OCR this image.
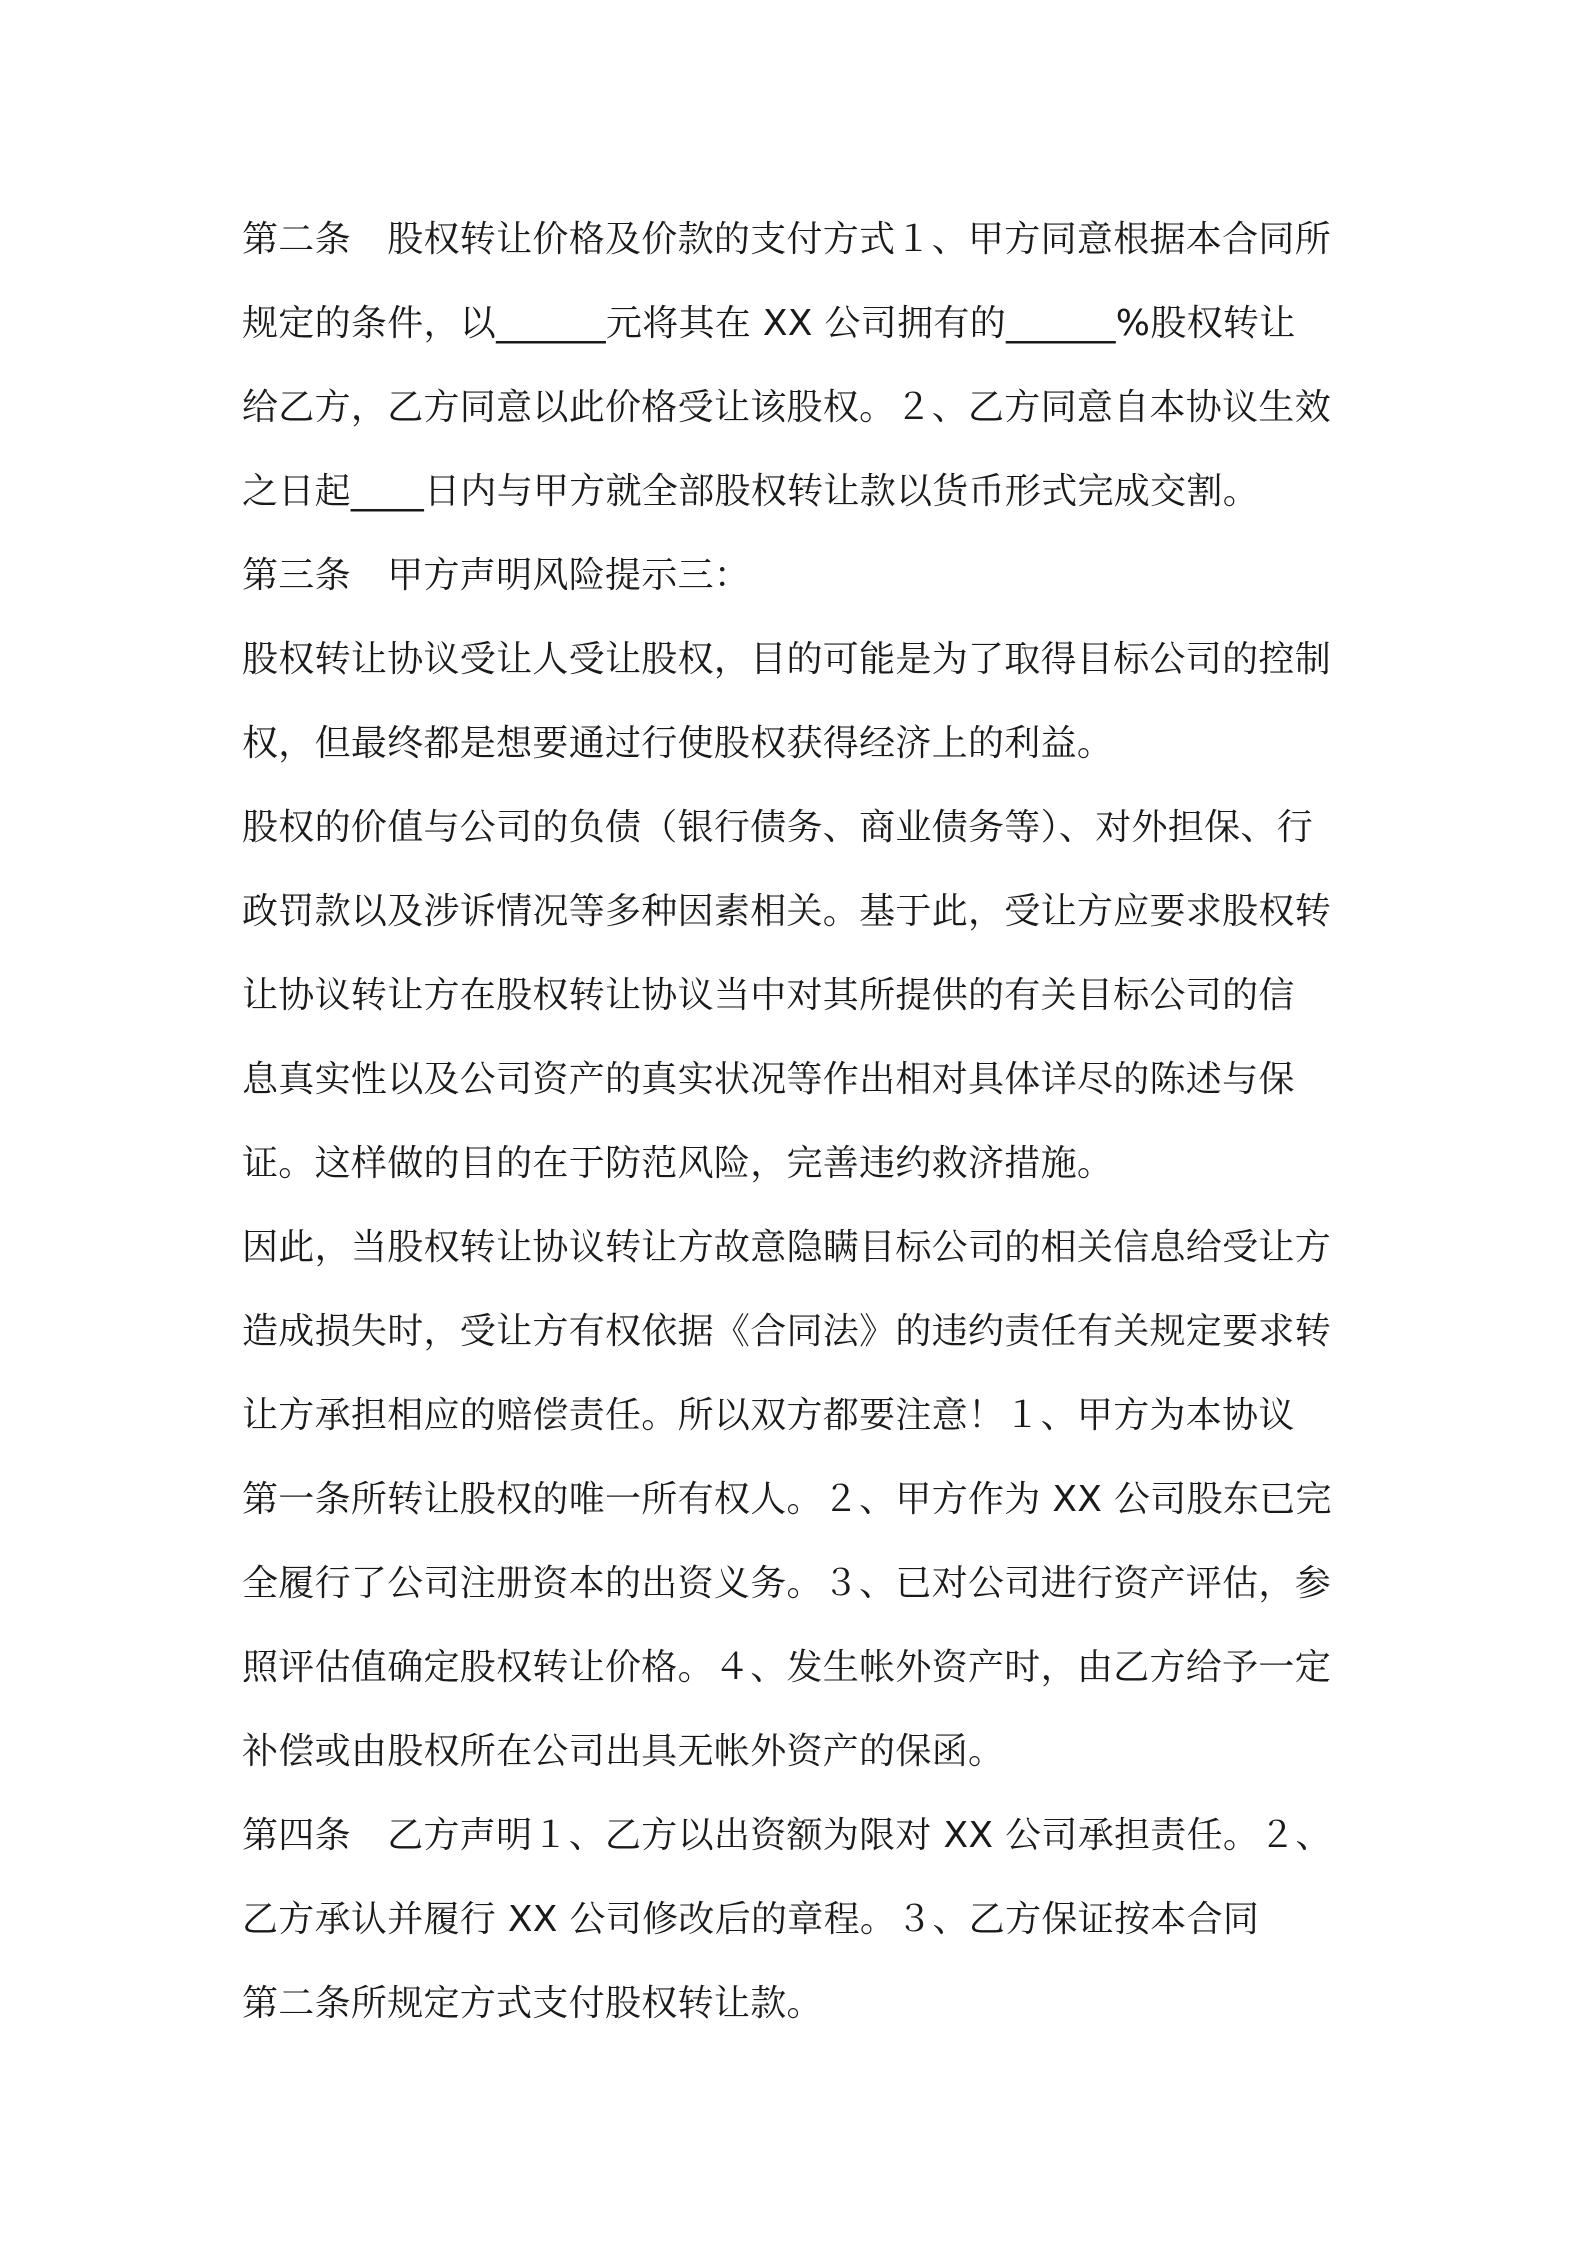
第二条　股权转让价格及价款的支付方式１、甲方同意根据本合同所
规定的条件，以______元将其在 XX 公司拥有的______%股权转让
给乙方，乙方同意以此价格受让该股权。２、乙方同意自本协议生效
之日起____日内与甲方就全部股权转让款以货币形式完成交割。
第三条　甲方声明风险提示三：
股权转让协议受让人受让股权，目的可能是为了取得目标公司的控制
权，但最终都是想要通过行使股权获得经济上的利益。
股权的价值与公司的负债（银行债务、商业债务等）、对外担保、行
政罚款以及涉诉情况等多种因素相关。基于此，受让方应要求股权转
让协议转让方在股权转让协议当中对其所提供的有关目标公司的信
息真实性以及公司资产的真实状况等作出相对具体详尽的陈述与保
证。这样做的目的在于防范风险，完善违约救济措施。
因此，当股权转让协议转让方故意隐瞒目标公司的相关信息给受让方
造成损失时，受让方有权依据《合同法》的违约责任有关规定要求转
让方承担相应的赔偿责任。所以双方都要注意！１、甲方为本协议
第一条所转让股权的唯一所有权人。２、甲方作为 XX 公司股东已完
全履行了公司注册资本的出资义务。３、已对公司进行资产评估，参
照评估值确定股权转让价格。４、发生帐外资产时，由乙方给予一定
补偿或由股权所在公司出具无帐外资产的保函。
第四条　乙方声明１、乙方以出资额为限对 XX 公司承担责任。２、
乙方承认并履行 XX 公司修改后的章程。３、乙方保证按本合同
第二条所规定方式支付股权转让款。
